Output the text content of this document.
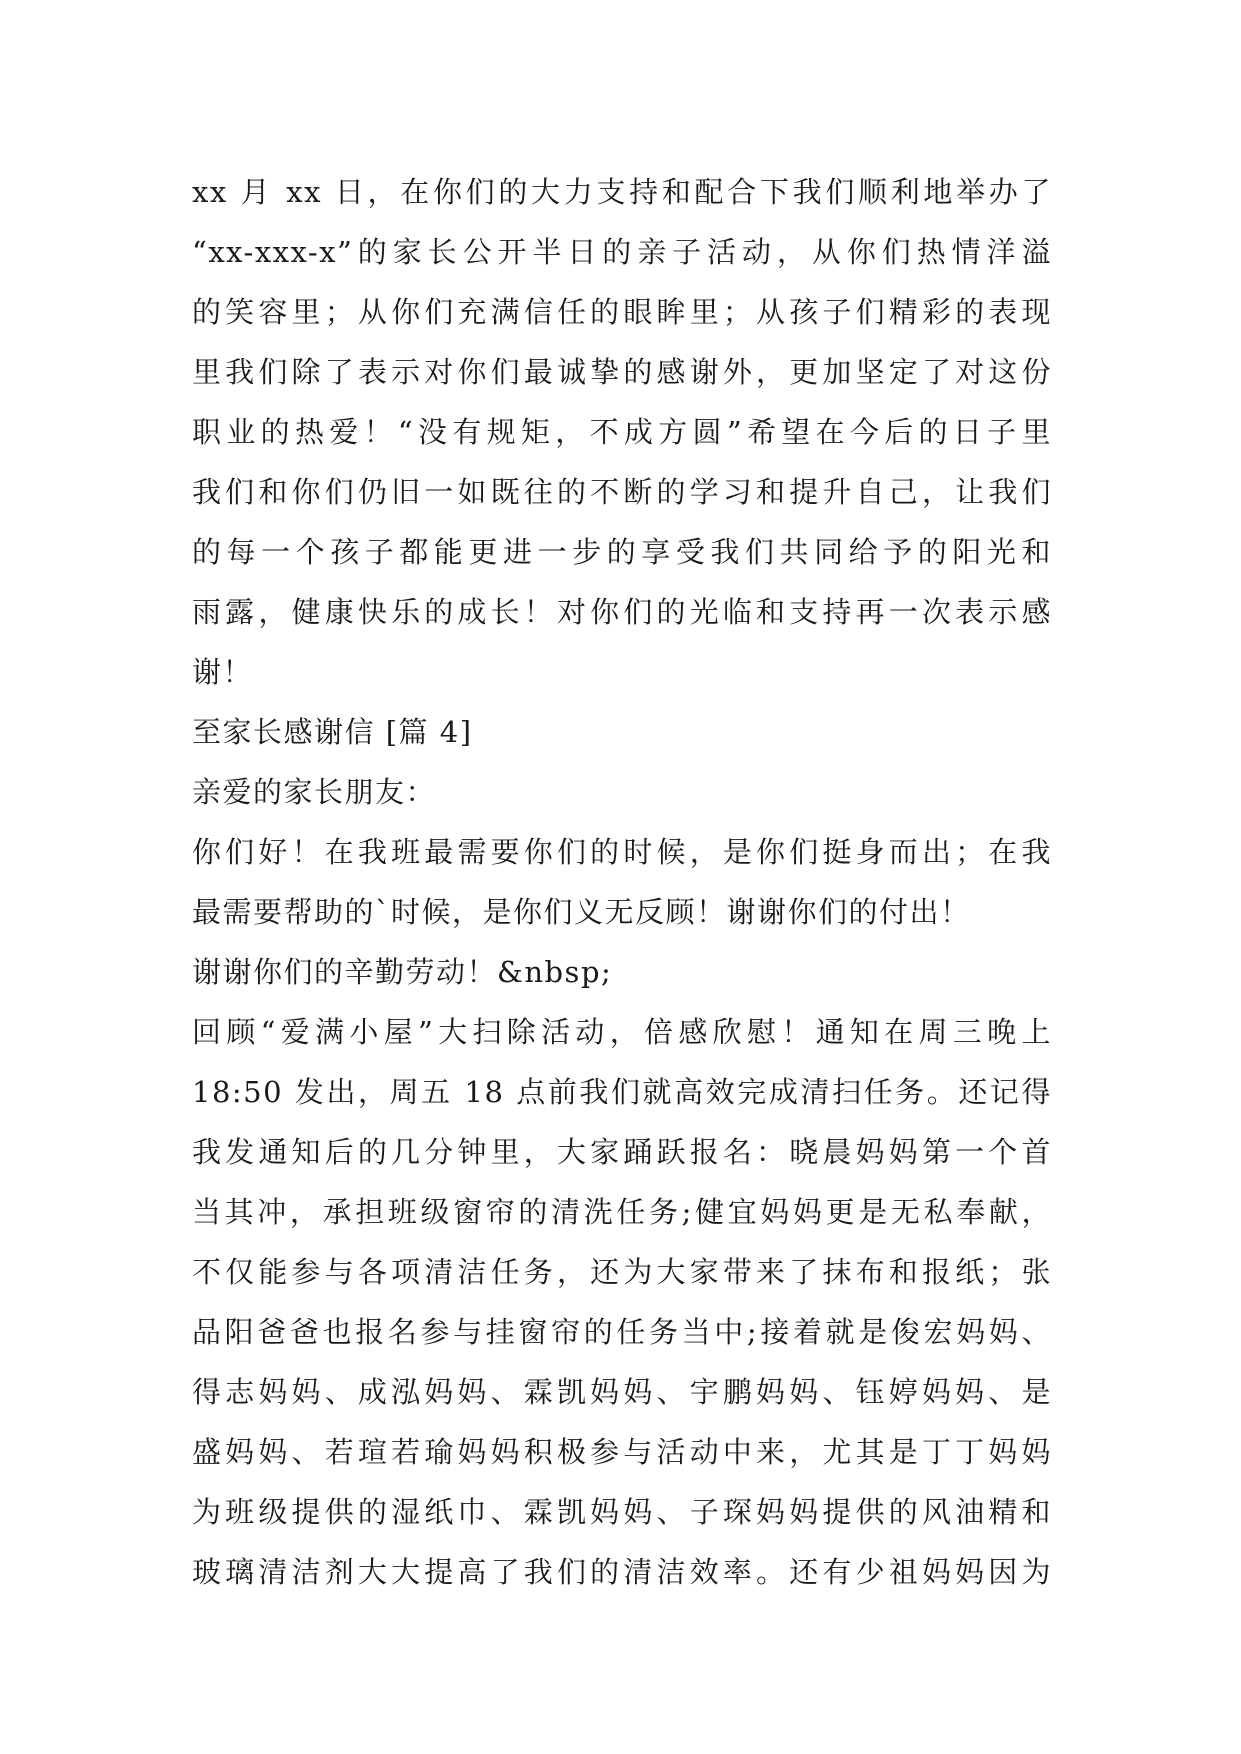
xx 月 xx 日，在你们的大力支持和配合下我们顺利地举办了
“xx-xxx-x”的家长公开半日的亲子活动，从你们热情洋溢
的笑容里；从你们充满信任的眼眸里；从孩子们精彩的表现
里我们除了表示对你们最诚挚的感谢外，更加坚定了对这份
职业的热爱！“没有规矩，不成方圆”希望在今后的日子里
我们和你们仍旧一如既往的不断的学习和提升自己，让我们
的每一个孩子都能更进一步的享受我们共同给予的阳光和
雨露，健康快乐的成长！对你们的光临和支持再一次表示感
谢！
至家长感谢信 [篇 4]
亲爱的家长朋友：
你们好！在我班最需要你们的时候，是你们挺身而出；在我
最需要帮助的`时候，是你们义无反顾！谢谢你们的付出！
谢谢你们的辛勤劳动！&nbsp;
回顾“爱满小屋”大扫除活动，倍感欣慰！通知在周三晚上
18:50 发出，周五 18 点前我们就高效完成清扫任务。还记得
我发通知后的几分钟里，大家踊跃报名：晓晨妈妈第一个首
当其冲，承担班级窗帘的清洗任务;健宜妈妈更是无私奉献，
不仅能参与各项清洁任务，还为大家带来了抹布和报纸；张
品阳爸爸也报名参与挂窗帘的任务当中;接着就是俊宏妈妈、
得志妈妈、成泓妈妈、霖凯妈妈、宇鹏妈妈、钰婷妈妈、是
盛妈妈、若瑄若瑜妈妈积极参与活动中来，尤其是丁丁妈妈
为班级提供的湿纸巾、霖凯妈妈、子琛妈妈提供的风油精和
玻璃清洁剂大大提高了我们的清洁效率。还有少祖妈妈因为
